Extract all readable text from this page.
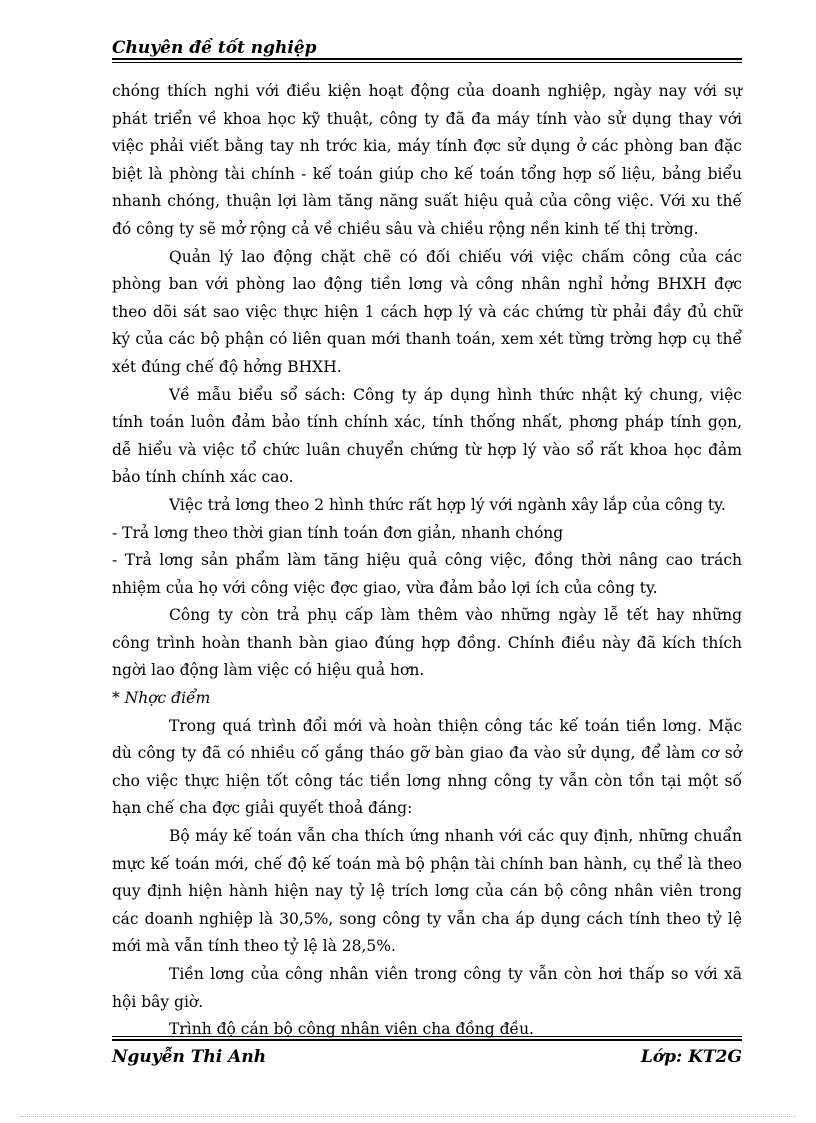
Chuyên đề tốt nghiệp

chóng thích nghi với điều kiện hoạt động của doanh nghiệp, ngày nay với sự phát triển về khoa học kỹ thuật, công ty đã đa máy tính vào sử dụng thay với việc phải viết bằng tay nh trớc kia, máy tính đợc sử dụng ở các phòng ban đặc biệt là phòng tài chính - kế toán giúp cho kế toán tổng hợp số liệu, bảng biểu nhanh chóng, thuận lợi làm tăng năng suất hiệu quả của công việc. Với xu thế đó công ty sẽ mở rộng cả về chiều sâu và chiều rộng nền kinh tế thị trờng.

Quản lý lao động chặt chẽ có đối chiếu với việc chấm công của các phòng ban với phòng lao động tiền lơng và công nhân nghỉ hởng BHXH đợc theo dõi sát sao việc thực hiện 1 cách hợp lý và các chứng từ phải đầy đủ chữ ký của các bộ phận có liên quan mới thanh toán, xem xét từng trờng hợp cụ thể xét đúng chế độ hởng BHXH.

Về mẫu biểu sổ sách: Công ty áp dụng hình thức nhật ký chung, việc tính toán luôn đảm bảo tính chính xác, tính thống nhất, phơng pháp tính gọn, dễ hiểu và việc tổ chức luân chuyển chứng từ hợp lý vào sổ rất khoa học đảm bảo tính chính xác cao.

Việc trả lơng theo 2 hình thức rất hợp lý với ngành xây lắp của công ty.

- Trả lơng theo thời gian tính toán đơn giản, nhanh chóng

- Trả lơng sản phẩm làm tăng hiệu quả công việc, đồng thời nâng cao trách nhiệm của họ với công việc đợc giao, vừa đảm bảo lợi ích của công ty.

Công ty còn trả phụ cấp làm thêm vào những ngày lễ tết hay những công trình hoàn thanh bàn giao đúng hợp đồng. Chính điều này đã kích thích ngời lao động làm việc có hiệu quả hơn.

* Nhợc điểm

Trong quá trình đổi mới và hoàn thiện công tác kế toán tiền lơng. Mặc dù công ty đã có nhiều cố gắng tháo gỡ bàn giao đa vào sử dụng, để làm cơ sở cho việc thực hiện tốt công tác tiền lơng nhng công ty vẫn còn tồn tại một số hạn chế cha đợc giải quyết thoả đáng:

Bộ máy kế toán vẫn cha thích ứng nhanh với các quy định, những chuẩn mực kế toán mới, chế độ kế toán mà bộ phận tài chính ban hành, cụ thể là theo quy định hiện hành hiện nay tỷ lệ trích lơng của cán bộ công nhân viên trong các doanh nghiệp là 30,5%, song công ty vẫn cha áp dụng cách tính theo tỷ lệ mới mà vẫn tính theo tỷ lệ là 28,5%.

Tiền lơng của công nhân viên trong công ty vẫn còn hơi thấp so với xã hội bây giờ.

Trình độ cán bộ công nhân viên cha đồng đều.

Nguyễn Thi Anh	Lớp: KT2G
